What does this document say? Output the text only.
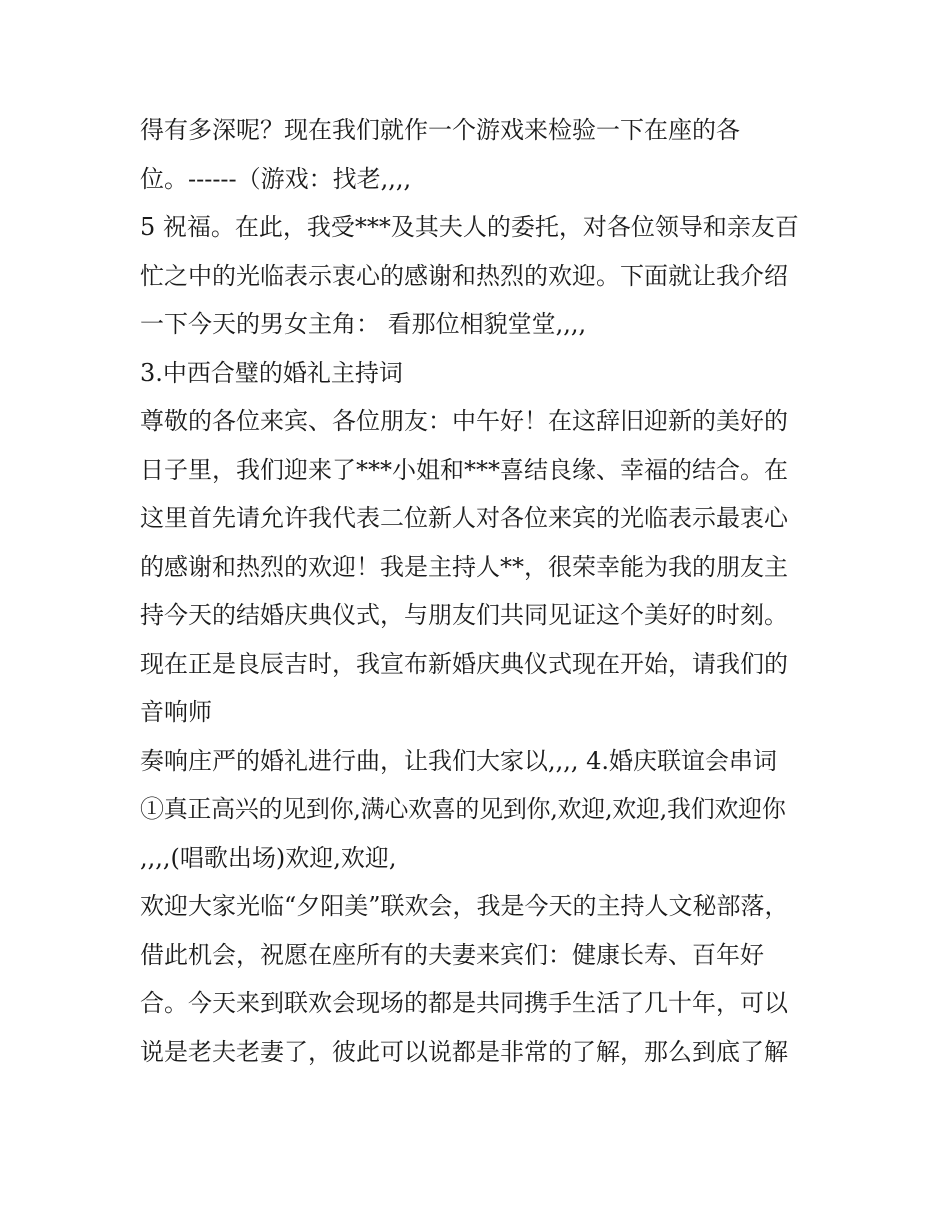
得有多深呢？现在我们就作一个游戏来检验一下在座的各
位。------（游戏：找老,,,,
5 祝福。在此，我受***及其夫人的委托，对各位领导和亲友百
忙之中的光临表示衷心的感谢和热烈的欢迎。下面就让我介绍
一下今天的男女主角： 看那位相貌堂堂,,,,
3.中西合璧的婚礼主持词
尊敬的各位来宾、各位朋友：中午好！在这辞旧迎新的美好的
日子里，我们迎来了***小姐和***喜结良缘、幸福的结合。在
这里首先请允许我代表二位新人对各位来宾的光临表示最衷心
的感谢和热烈的欢迎！我是主持人**，很荣幸能为我的朋友主
持今天的结婚庆典仪式，与朋友们共同见证这个美好的时刻。
现在正是良辰吉时，我宣布新婚庆典仪式现在开始，请我们的
音响师
奏响庄严的婚礼进行曲，让我们大家以,,,, 4.婚庆联谊会串词
①真正高兴的见到你,满心欢喜的见到你,欢迎,欢迎,我们欢迎你
,,,,(唱歌出场)欢迎,欢迎,
欢迎大家光临“夕阳美”联欢会，我是今天的主持人文秘部落，
借此机会，祝愿在座所有的夫妻来宾们：健康长寿、百年好
合。今天来到联欢会现场的都是共同携手生活了几十年，可以
说是老夫老妻了，彼此可以说都是非常的了解，那么到底了解
